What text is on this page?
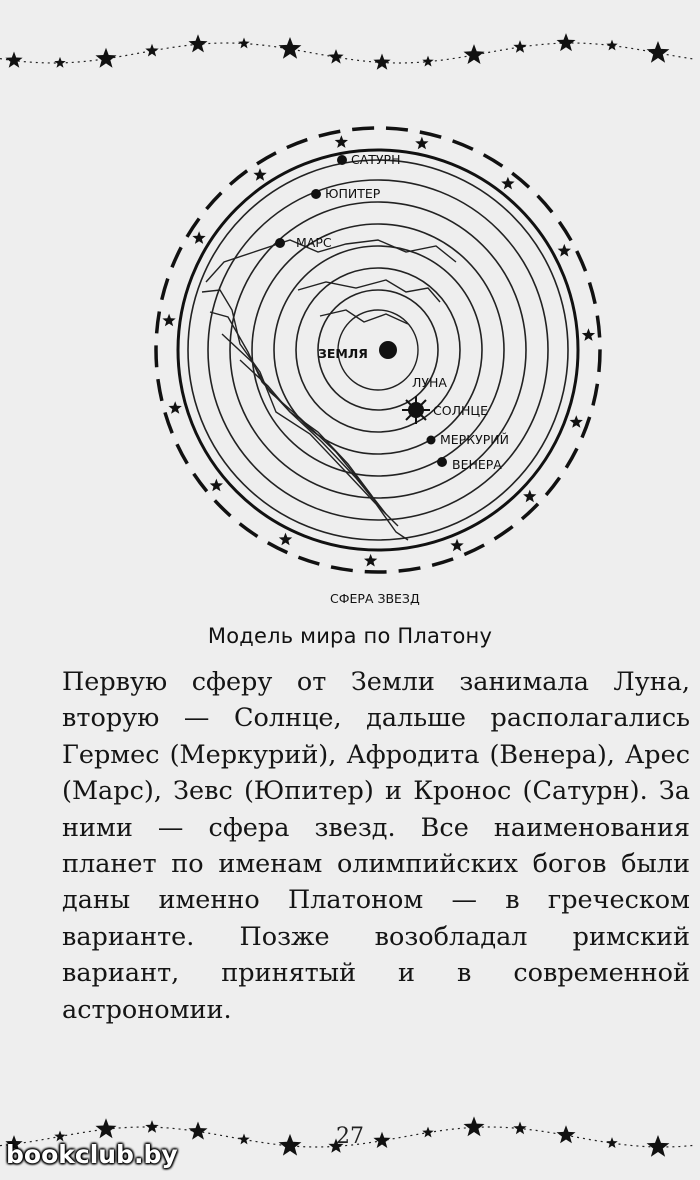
САТУРН
ЮПИТЕР
МАРС
ЗЕМЛЯ
ЛУНА
СОЛНЦЕ
МЕРКУРИЙ
ВЕНЕРА
СФЕРА ЗВЕЗД
Модель мира по Платону

Первую сферу от Земли занимала Луна, вторую — Солнце, дальше располагались Гермес (Меркурий), Афродита (Венера), Арес (Марс), Зевс (Юпитер) и Кронос (Сатурн). За ними — сфера звезд. Все наименования планет по именам олимпийских богов были даны именно Платоном — в греческом варианте. Позже возобладал римский вариант, принятый и в современной астрономии.

27
bookclub.by
